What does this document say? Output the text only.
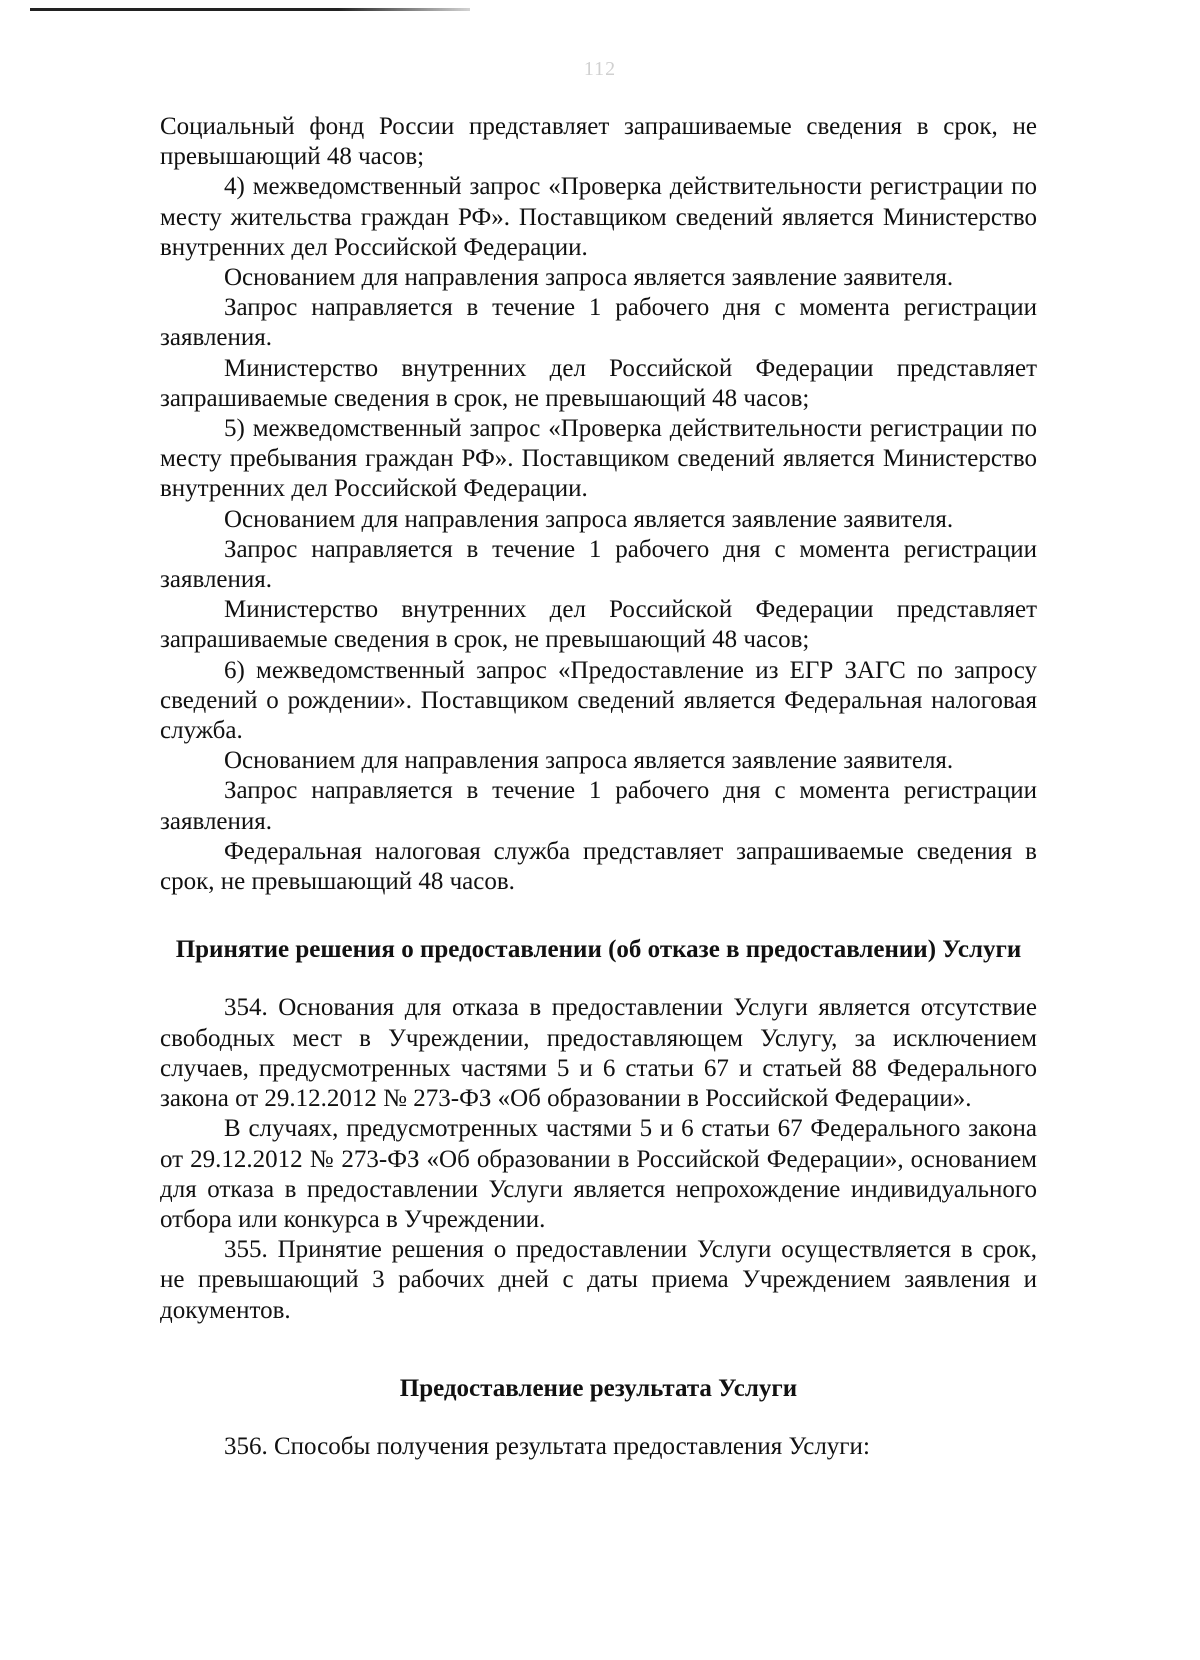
112

Социальный фонд России представляет запрашиваемые сведения в срок, не превышающий 48 часов;

4) межведомственный запрос «Проверка действительности регистрации по месту жительства граждан РФ». Поставщиком сведений является Министерство внутренних дел Российской Федерации.

Основанием для направления запроса является заявление заявителя.

Запрос направляется в течение 1 рабочего дня с момента регистрации заявления.

Министерство внутренних дел Российской Федерации представляет запрашиваемые сведения в срок, не превышающий 48 часов;

5) межведомственный запрос «Проверка действительности регистрации по месту пребывания граждан РФ». Поставщиком сведений является Министерство внутренних дел Российской Федерации.

Основанием для направления запроса является заявление заявителя.

Запрос направляется в течение 1 рабочего дня с момента регистрации заявления.

Министерство внутренних дел Российской Федерации представляет запрашиваемые сведения в срок, не превышающий 48 часов;

6) межведомственный запрос «Предоставление из ЕГР ЗАГС по запросу сведений о рождении». Поставщиком сведений является Федеральная налоговая служба.

Основанием для направления запроса является заявление заявителя.

Запрос направляется в течение 1 рабочего дня с момента регистрации заявления.

Федеральная налоговая служба представляет запрашиваемые сведения в срок, не превышающий 48 часов.

Принятие решения о предоставлении (об отказе в предоставлении) Услуги

354. Основания для отказа в предоставлении Услуги является отсутствие свободных мест в Учреждении, предоставляющем Услугу, за исключением случаев, предусмотренных частями 5 и 6 статьи 67 и статьей 88 Федерального закона от 29.12.2012 № 273-ФЗ «Об образовании в Российской Федерации».

В случаях, предусмотренных частями 5 и 6 статьи 67 Федерального закона от 29.12.2012 № 273-ФЗ «Об образовании в Российской Федерации», основанием для отказа в предоставлении Услуги является непрохождение индивидуального отбора или конкурса в Учреждении.

355. Принятие решения о предоставлении Услуги осуществляется в срок, не превышающий 3 рабочих дней с даты приема Учреждением заявления и документов.

Предоставление результата Услуги

356. Способы получения результата предоставления Услуги:
